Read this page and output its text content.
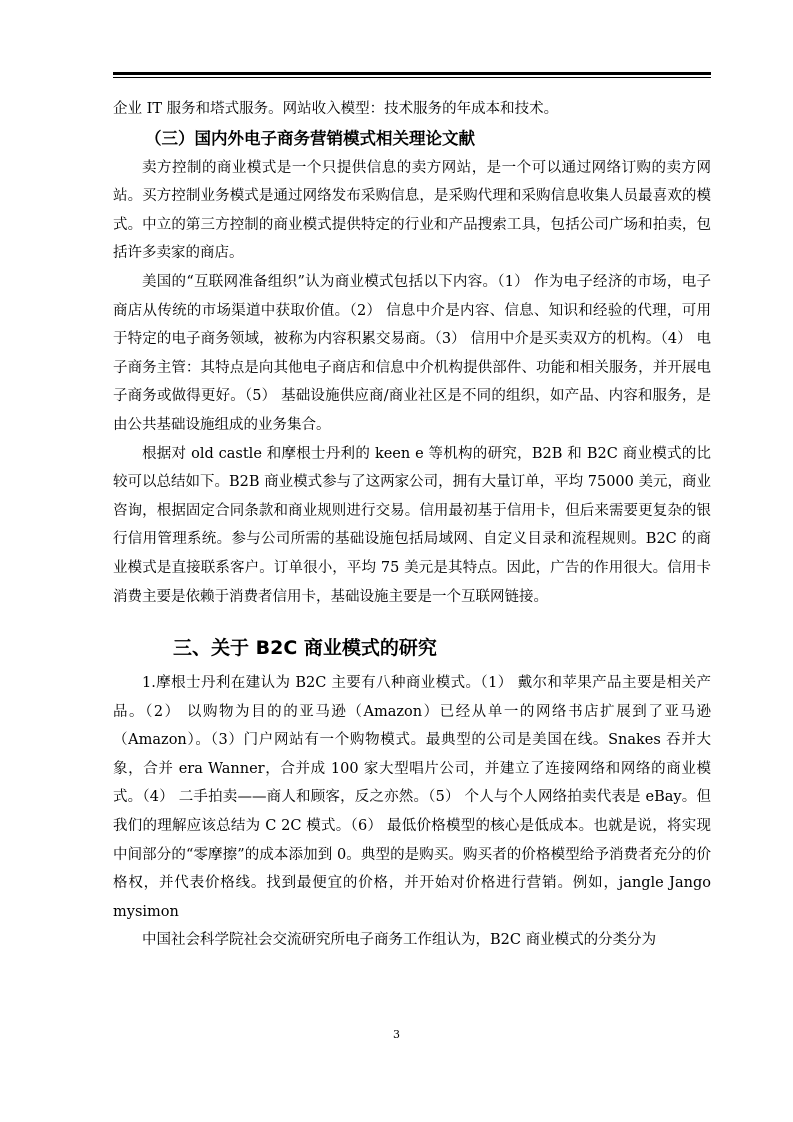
企业 IT 服务和塔式服务。网站收入模型：技术服务的年成本和技术。

（三）国内外电子商务营销模式相关理论文献

卖方控制的商业模式是一个只提供信息的卖方网站，是一个可以通过网络订购的卖方网站。买方控制业务模式是通过网络发布采购信息，是采购代理和采购信息收集人员最喜欢的模式。中立的第三方控制的商业模式提供特定的行业和产品搜索工具，包括公司广场和拍卖，包括许多卖家的商店。

美国的“互联网准备组织”认为商业模式包括以下内容。（1） 作为电子经济的市场，电子商店从传统的市场渠道中获取价值。（2） 信息中介是内容、信息、知识和经验的代理，可用于特定的电子商务领域，被称为内容积累交易商。（3） 信用中介是买卖双方的机构。（4） 电子商务主管：其特点是向其他电子商店和信息中介机构提供部件、功能和相关服务，并开展电子商务或做得更好。（5） 基础设施供应商/商业社区是不同的组织，如产品、内容和服务，是由公共基础设施组成的业务集合。

根据对 old castle 和摩根士丹利的 keen e 等机构的研究，B2B 和 B2C 商业模式的比较可以总结如下。B2B 商业模式参与了这两家公司，拥有大量订单，平均 75000 美元，商业咨询，根据固定合同条款和商业规则进行交易。信用最初基于信用卡，但后来需要更复杂的银行信用管理系统。参与公司所需的基础设施包括局域网、自定义目录和流程规则。B2C 的商业模式是直接联系客户。订单很小，平均 75 美元是其特点。因此，广告的作用很大。信用卡消费主要是依赖于消费者信用卡，基础设施主要是一个互联网链接。

三、关于 B2C 商业模式的研究

1.摩根士丹利在建认为 B2C 主要有八种商业模式。（1） 戴尔和苹果产品主要是相关产品。（2） 以购物为目的的亚马逊（Amazon）已经从单一的网络书店扩展到了亚马逊（Amazon）。（3）门户网站有一个购物模式。最典型的公司是美国在线。Snakes 吞并大象，合并 era Wanner，合并成 100 家大型唱片公司，并建立了连接网络和网络的商业模式。（4） 二手拍卖——商人和顾客，反之亦然。（5） 个人与个人网络拍卖代表是 eBay。但我们的理解应该总结为 C 2C 模式。（6） 最低价格模型的核心是低成本。也就是说，将实现中间部分的“零摩擦”的成本添加到 0。典型的是购买。购买者的价格模型给予消费者充分的价格权，并代表价格线。找到最便宜的价格，并开始对价格进行营销。例如，jangle Jango mysimon

中国社会科学院社会交流研究所电子商务工作组认为，B2C 商业模式的分类分为

3
